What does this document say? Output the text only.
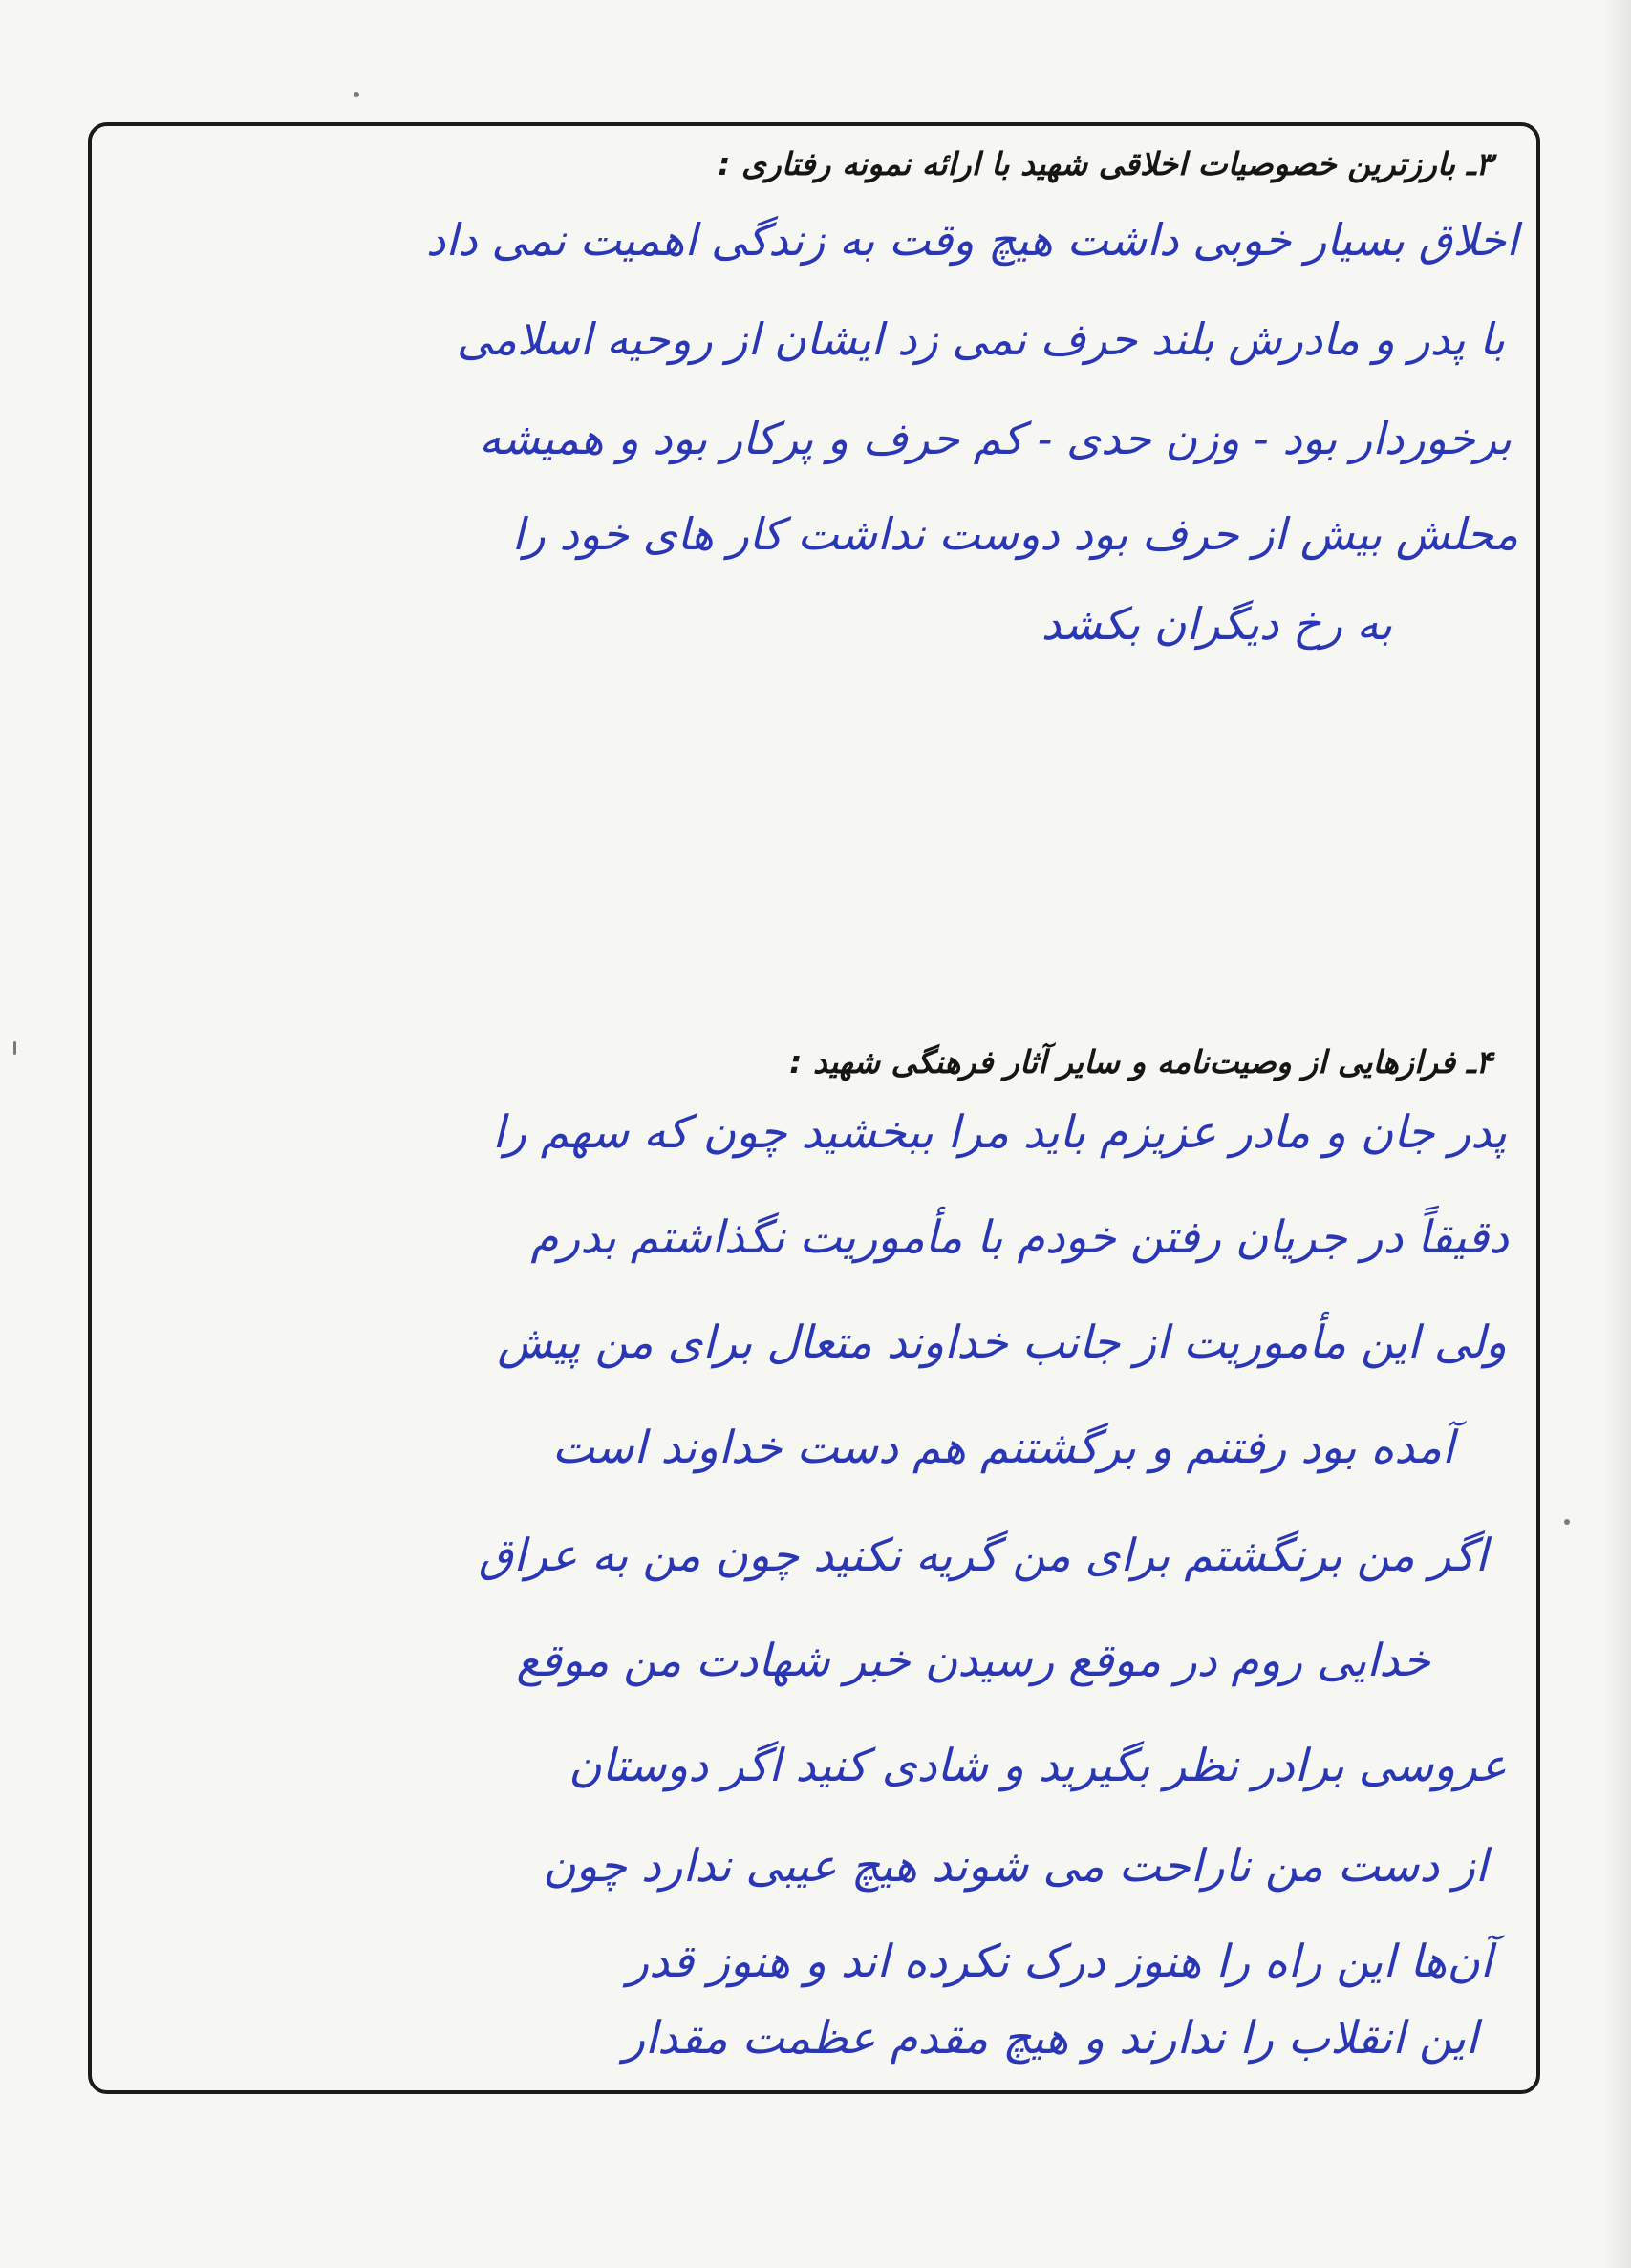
۳ـ بارزترین خصوصیات اخلاقی شهید با ارائه نمونه رفتاری :
اخلاق بسیار خوبی داشت هیچ وقت به زندگی اهمیت نمی داد
با پدر و مادرش بلند حرف نمی زد ایشان از روحیه اسلامی
برخوردار بود - وزن حدی - کم حرف و پرکار بود و همیشه
محلش بیش از حرف بود دوست نداشت کار های خود را
به رخ دیگران بکشد
۴ـ فرازهایی از وصیت‌نامه و سایر آثار فرهنگی شهید :
پدر جان و مادر عزیزم باید مرا ببخشید چون که سهم را
دقیقاً در جریان رفتن خودم با مأموریت نگذاشتم بدرم
ولی این مأموریت از جانب خداوند متعال برای من پیش
آمده بود رفتنم و برگشتنم هم دست خداوند است
اگر من برنگشتم برای من گریه نکنید چون من به عراق
خدایی روم در موقع رسیدن خبر شهادت من موقع
عروسی برادر نظر بگیرید و شادی کنید اگر دوستان
از دست من ناراحت می شوند هیچ عیبی ندارد چون
آن‌ها این راه را هنوز درک نکرده اند و هنوز قدر
این انقلاب را ندارند و هیچ مقدم عظمت مقدار
